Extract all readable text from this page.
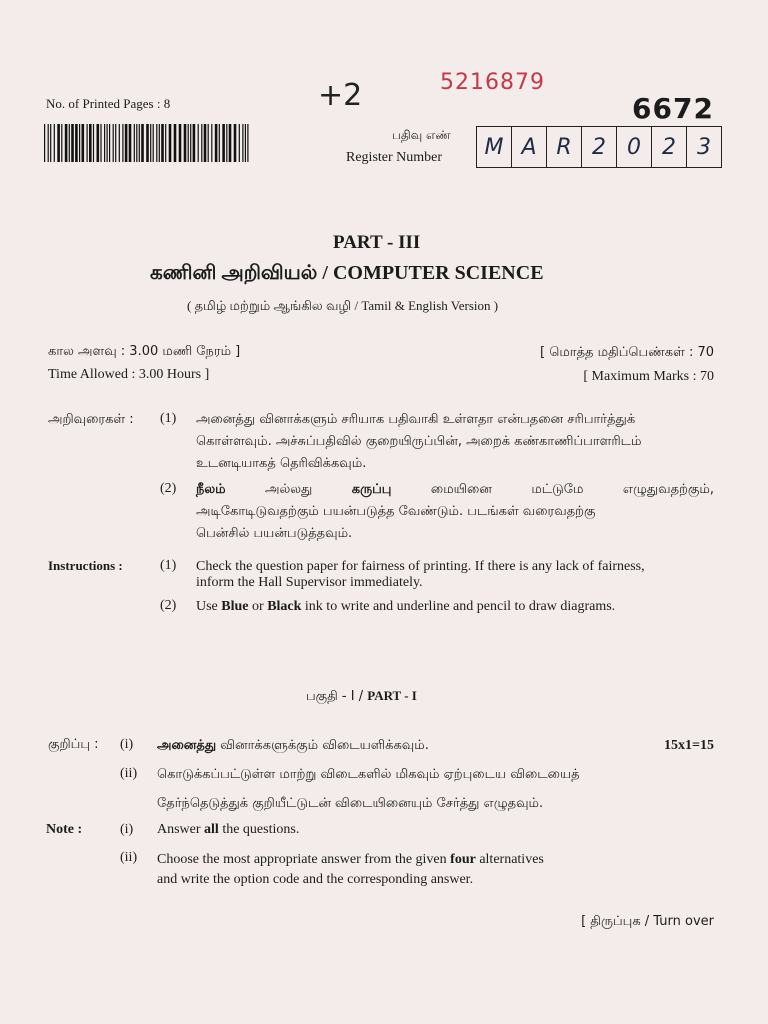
No. of Printed Pages : 8	+2	5216879
6672
பதிவு எண்
Register Number	M A R 2 0 2 3
PART - III
கணினி அறிவியல் / COMPUTER SCIENCE
( தமிழ் மற்றும் ஆங்கில வழி / Tamil & English Version )
கால அளவு : 3.00 மணி நேரம் ]	[ மொத்த மதிப்பெண்கள் : 70
Time Allowed : 3.00 Hours ]	[ Maximum Marks : 70
அறிவுரைகள் : (1) அனைத்து வினாக்களும் சரியாக பதிவாகி உள்ளதா என்பதனை சரிபார்த்துக்
கொள்ளவும். அச்சுப்பதிவில் குறையிருப்பின், அறைக் கண்காணிப்பாளரிடம்
உடனடியாகத் தெரிவிக்கவும்.
(2) நீலம்	அல்லது	கருப்பு	மையினை	மட்டுமே	எழுதுவதற்கும்,
அடிகோடிடுவதற்கும் பயன்படுத்த வேண்டும். படங்கள் வரைவதற்கு
பென்சில் பயன்படுத்தவும்.
Instructions :	(1) Check the question paper for fairness of printing. If there is any lack of fairness,
inform the Hall Supervisor immediately.
(2) Use Blue or Black ink to write and underline and pencil to draw diagrams.
பகுதி - I / PART - I
குறிப்பு : (i) அனைத்து வினாக்களுக்கும் விடையளிக்கவும்.	15x1=15
(ii) கொடுக்கப்பட்டுள்ள மாற்று விடைகளில் மிகவும் ஏற்புடைய விடையைத்
தேர்ந்தெடுத்துக் குறியீட்டுடன் விடையினையும் சேர்த்து எழுதவும்.
Note :	(i) Answer all the questions.
(ii) Choose the most appropriate answer from the given four alternatives
and write the option code and the corresponding answer.
[ திருப்புக / Turn over
